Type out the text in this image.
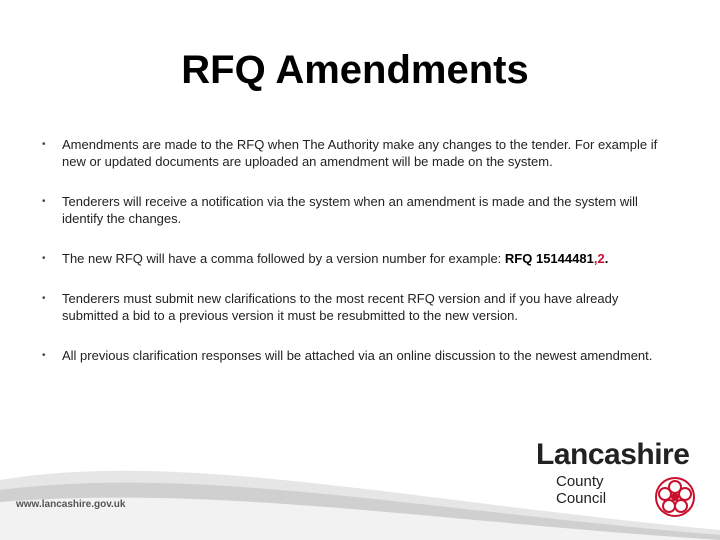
RFQ Amendments
• Amendments are made to the RFQ when The Authority make any changes to the tender. For example if new or updated documents are uploaded an amendment will be made on the system.
• Tenderers will receive a notification via the system when an amendment is made and the system will identify the changes.
• The new RFQ will have a comma followed by a version number for example: RFQ 15144481,2.
• Tenderers must submit new clarifications to the most recent RFQ version and if you have already submitted a bid to a previous version it must be resubmitted to the new version.
• All previous clarification responses will be attached via an online discussion to the newest amendment.
www.lancashire.gov.uk
Lancashire
County
Council
